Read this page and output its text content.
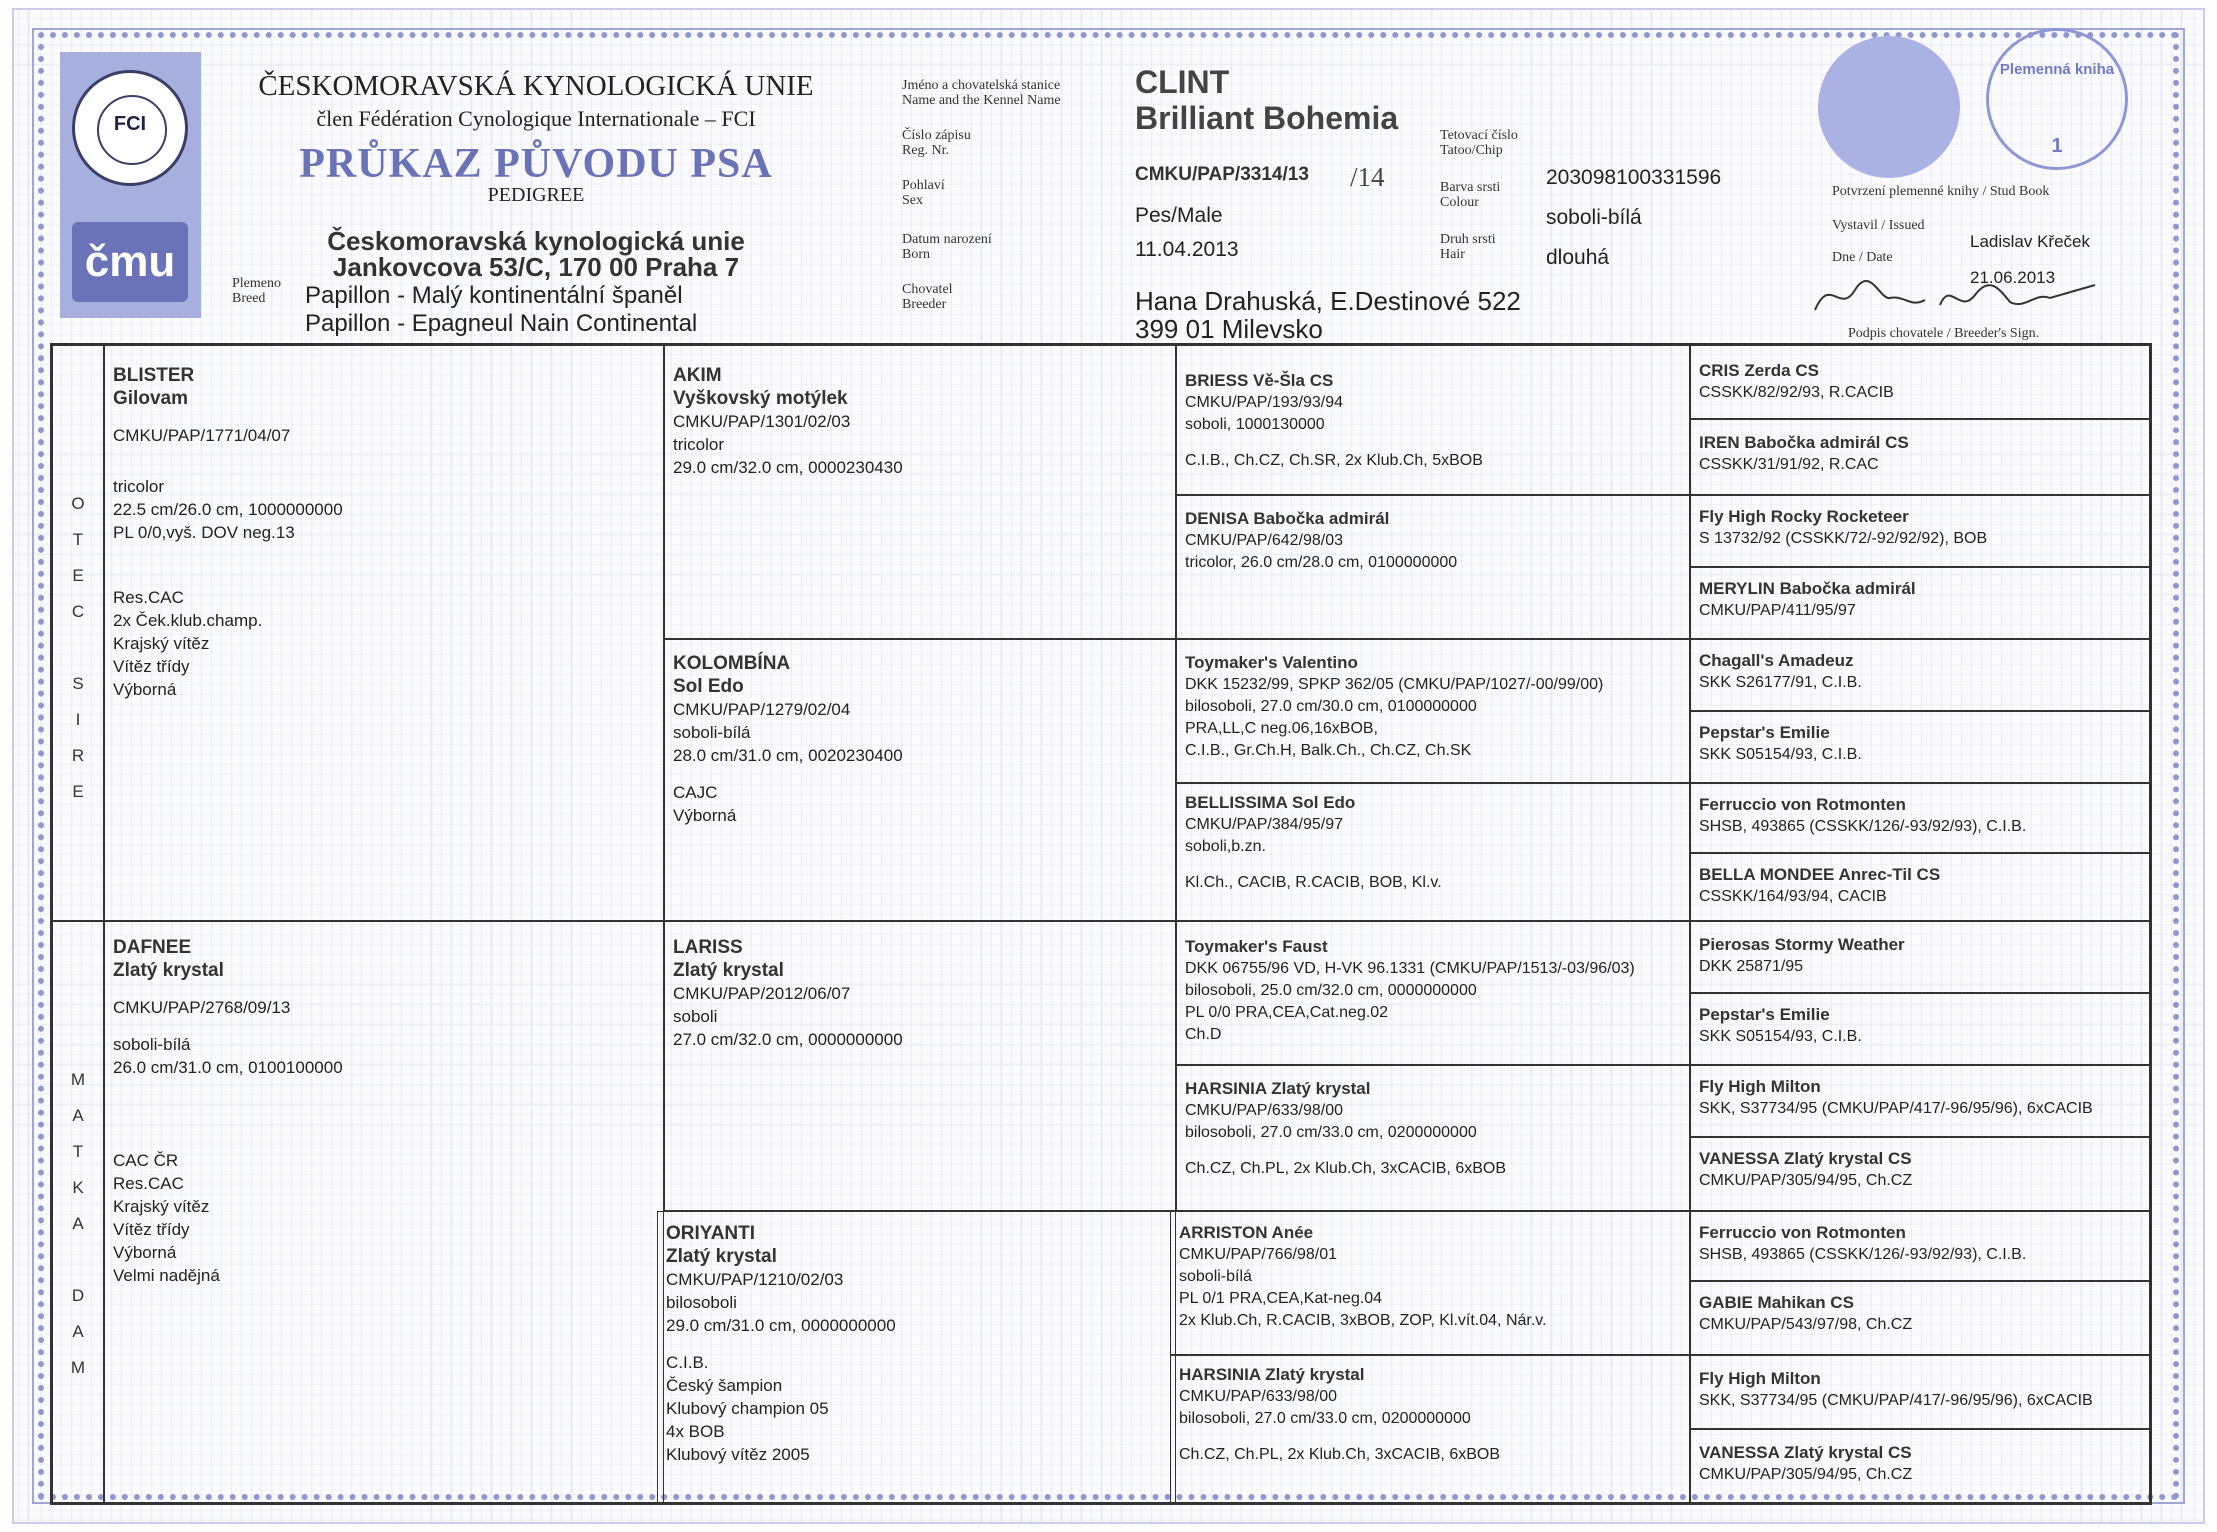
FCI
čmu
ČESKOMORAVSKÁ KYNOLOGICKÁ UNIE
člen Fédération Cynologique Internationale – FCI
PRŮKAZ PŮVODU PSA
PEDIGREE
Českomoravská kynologická unie
Jankovcova 53/C, 170 00 Praha 7
Plemeno
Breed	Papillon - Malý kontinentální španěl
Papillon - Epagneul Nain Continental
Jméno a chovatelská stanice
Name and the Kennel Name
Číslo zápisu
Reg. Nr.
Pohlaví
Sex
Datum narození
Born
Chovatel
Breeder
CLINT
Brilliant Bohemia
CMKU/PAP/3314/13 /14
Pes/Male
11.04.2013
Hana Drahuská, E.Destinové 522
399 01 Milevsko
Tetovací číslo
Tatoo/Chip
Barva srsti
Colour
Druh srsti
Hair
203098100331596
soboli-bílá
dlouhá
Plemenná kniha
1
Potvrzení plemenné knihy / Stud Book
Vystavil / Issued
Ladislav Křeček
Dne / Date
21.06.2013
Podpis chovatele / Breeder's Sign.
O
T
E
C

S
I
R
E
M
A
T
K
A

D
A
M
BLISTER
Gilovam
CMKU/PAP/1771/04/07
tricolor
22.5 cm/26.0 cm, 1000000000
PL 0/0,vyš. DOV neg.13
Res.CAC
2x Ček.klub.champ.
Krajský vítěz
Vítěz třídy
Výborná
DAFNEE
Zlatý krystal
CMKU/PAP/2768/09/13
soboli-bílá
26.0 cm/31.0 cm, 0100100000
CAC ČR
Res.CAC
Krajský vítěz
Vítěz třídy
Výborná
Velmi nadějná
AKIM
Vyškovský motýlek
CMKU/PAP/1301/02/03
tricolor
29.0 cm/32.0 cm, 0000230430
KOLOMBÍNA
Sol Edo
CMKU/PAP/1279/02/04
soboli-bílá
28.0 cm/31.0 cm, 0020230400
CAJC
Výborná
LARISS
Zlatý krystal
CMKU/PAP/2012/06/07
soboli
27.0 cm/32.0 cm, 0000000000
ORIYANTI
Zlatý krystal
CMKU/PAP/1210/02/03
bilosoboli
29.0 cm/31.0 cm, 0000000000
C.I.B.
Český šampion
Klubový champion 05
4x BOB
Klubový vítěz 2005
BRIESS Vě-Šla CS
CMKU/PAP/193/93/94
soboli, 1000130000
C.I.B., Ch.CZ, Ch.SR, 2x Klub.Ch, 5xBOB
DENISA Babočka admirál
CMKU/PAP/642/98/03
tricolor, 26.0 cm/28.0 cm, 0100000000
Toymaker's Valentino
DKK 15232/99, SPKP 362/05 (CMKU/PAP/1027/-00/99/00)
bilosoboli, 27.0 cm/30.0 cm, 0100000000
PRA,LL,C neg.06,16xBOB,
C.I.B., Gr.Ch.H, Balk.Ch., Ch.CZ, Ch.SK
BELLISSIMA Sol Edo
CMKU/PAP/384/95/97
soboli,b.zn.
Kl.Ch., CACIB, R.CACIB, BOB, Kl.v.
Toymaker's Faust
DKK 06755/96 VD, H-VK 96.1331 (CMKU/PAP/1513/-03/96/03)
bilosoboli, 25.0 cm/32.0 cm, 0000000000
PL 0/0 PRA,CEA,Cat.neg.02
Ch.D
HARSINIA Zlatý krystal
CMKU/PAP/633/98/00
bilosoboli, 27.0 cm/33.0 cm, 0200000000
Ch.CZ, Ch.PL, 2x Klub.Ch, 3xCACIB, 6xBOB
ARRISTON Anée
CMKU/PAP/766/98/01
soboli-bílá
PL 0/1 PRA,CEA,Kat-neg.04
2x Klub.Ch, R.CACIB, 3xBOB, ZOP, Kl.vít.04, Nár.v.
HARSINIA Zlatý krystal
CMKU/PAP/633/98/00
bilosoboli, 27.0 cm/33.0 cm, 0200000000
Ch.CZ, Ch.PL, 2x Klub.Ch, 3xCACIB, 6xBOB
CRIS Zerda CS
CSSKK/82/92/93, R.CACIB
IREN Babočka admirál CS
CSSKK/31/91/92, R.CAC
Fly High Rocky Rocketeer
S 13732/92 (CSSKK/72/-92/92/92), BOB
MERYLIN Babočka admirál
CMKU/PAP/411/95/97
Chagall's Amadeuz
SKK S26177/91, C.I.B.
Pepstar's Emilie
SKK S05154/93, C.I.B.
Ferruccio von Rotmonten
SHSB, 493865 (CSSKK/126/-93/92/93), C.I.B.
BELLA MONDEE Anrec-Til CS
CSSKK/164/93/94, CACIB
Pierosas Stormy Weather
DKK 25871/95
Pepstar's Emilie
SKK S05154/93, C.I.B.
Fly High Milton
SKK, S37734/95 (CMKU/PAP/417/-96/95/96), 6xCACIB
VANESSA Zlatý krystal CS
CMKU/PAP/305/94/95, Ch.CZ
Ferruccio von Rotmonten
SHSB, 493865 (CSSKK/126/-93/92/93), C.I.B.
GABIE Mahikan CS
CMKU/PAP/543/97/98, Ch.CZ
Fly High Milton
SKK, S37734/95 (CMKU/PAP/417/-96/95/96), 6xCACIB
VANESSA Zlatý krystal CS
CMKU/PAP/305/94/95, Ch.CZ
